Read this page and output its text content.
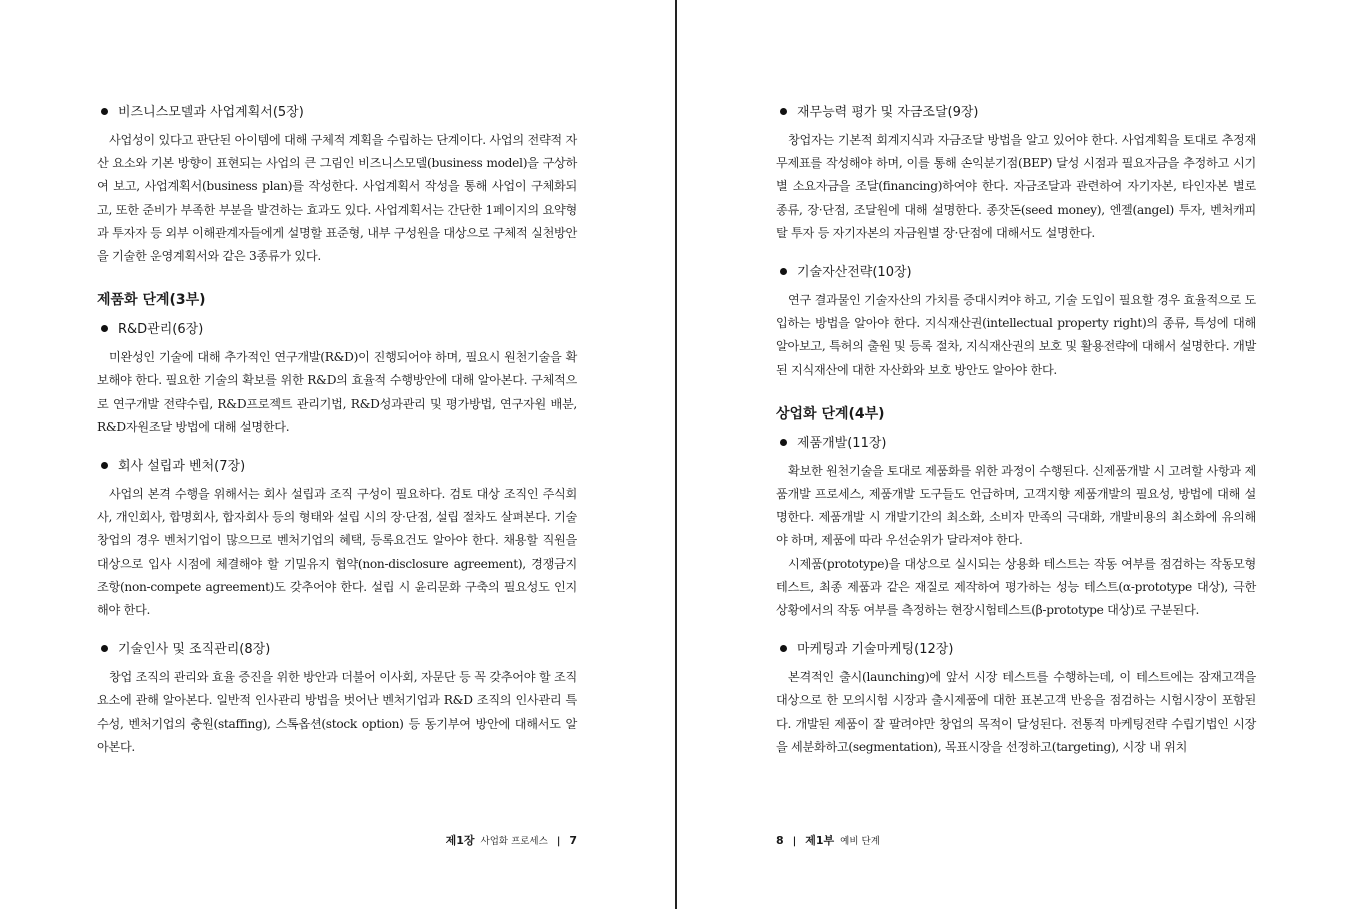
비즈니스모델과 사업계획서(5장)

사업성이 있다고 판단된 아이템에 대해 구체적 계획을 수립하는 단계이다. 사업의 전략적 자산 요소와 기본 방향이 표현되는 사업의 큰 그림인 비즈니스모델(business model)을 구상하여 보고, 사업계획서(business plan)를 작성한다. 사업계획서 작성을 통해 사업이 구체화되고, 또한 준비가 부족한 부분을 발견하는 효과도 있다. 사업계획서는 간단한 1페이지의 요약형과 투자자 등 외부 이해관계자들에게 설명할 표준형, 내부 구성원을 대상으로 구체적 실천방안을 기술한 운영계획서와 같은 3종류가 있다.

제품화 단계(3부)
R&D관리(6장)

미완성인 기술에 대해 추가적인 연구개발(R&D)이 진행되어야 하며, 필요시 원천기술을 확보해야 한다. 필요한 기술의 확보를 위한 R&D의 효율적 수행방안에 대해 알아본다. 구체적으로 연구개발 전략수립, R&D프로젝트 관리기법, R&D성과관리 및 평가방법, 연구자원 배분, R&D자원조달 방법에 대해 설명한다.

회사 설립과 벤처(7장)

사업의 본격 수행을 위해서는 회사 설립과 조직 구성이 필요하다. 검토 대상 조직인 주식회사, 개인회사, 합명회사, 합자회사 등의 형태와 설립 시의 장·단점, 설립 절차도 살펴본다. 기술창업의 경우 벤처기업이 많으므로 벤처기업의 혜택, 등록요건도 알아야 한다. 채용할 직원을 대상으로 입사 시점에 체결해야 할 기밀유지 협약(non-disclosure agreement), 경쟁금지 조항(non-compete agreement)도 갖추어야 한다. 설립 시 윤리문화 구축의 필요성도 인지해야 한다.

기술인사 및 조직관리(8장)

창업 조직의 관리와 효율 증진을 위한 방안과 더불어 이사회, 자문단 등 꼭 갖추어야 할 조직 요소에 관해 알아본다. 일반적 인사관리 방법을 벗어난 벤처기업과 R&D 조직의 인사관리 특수성, 벤처기업의 충원(staffing), 스톡옵션(stock option) 등 동기부여 방안에 대해서도 알아본다.

제1장 사업화 프로세스 | 7
재무능력 평가 및 자금조달(9장)

창업자는 기본적 회계지식과 자금조달 방법을 알고 있어야 한다. 사업계획을 토대로 추정재무제표를 작성해야 하며, 이를 통해 손익분기점(BEP) 달성 시점과 필요자금을 추정하고 시기별 소요자금을 조달(financing)하여야 한다. 자금조달과 관련하여 자기자본, 타인자본 별로 종류, 장·단점, 조달원에 대해 설명한다. 종잣돈(seed money), 엔젤(angel) 투자, 벤처캐피탈 투자 등 자기자본의 자금원별 장·단점에 대해서도 설명한다.

기술자산전략(10장)

연구 결과물인 기술자산의 가치를 증대시켜야 하고, 기술 도입이 필요할 경우 효율적으로 도입하는 방법을 알아야 한다. 지식재산권(intellectual property right)의 종류, 특성에 대해 알아보고, 특허의 출원 및 등록 절차, 지식재산권의 보호 및 활용전략에 대해서 설명한다. 개발된 지식재산에 대한 자산화와 보호 방안도 알아야 한다.

상업화 단계(4부)
제품개발(11장)

확보한 원천기술을 토대로 제품화를 위한 과정이 수행된다. 신제품개발 시 고려할 사항과 제품개발 프로세스, 제품개발 도구들도 언급하며, 고객지향 제품개발의 필요성, 방법에 대해 설명한다. 제품개발 시 개발기간의 최소화, 소비자 만족의 극대화, 개발비용의 최소화에 유의해야 하며, 제품에 따라 우선순위가 달라져야 한다.

시제품(prototype)을 대상으로 실시되는 상용화 테스트는 작동 여부를 점검하는 작동모형테스트, 최종 제품과 같은 재질로 제작하여 평가하는 성능 테스트(α-prototype 대상), 극한 상황에서의 작동 여부를 측정하는 현장시험테스트(β-prototype 대상)로 구분된다.

마케팅과 기술마케팅(12장)

본격적인 출시(launching)에 앞서 시장 테스트를 수행하는데, 이 테스트에는 잠재고객을 대상으로 한 모의시험 시장과 출시제품에 대한 표본고객 반응을 점검하는 시험시장이 포함된다. 개발된 제품이 잘 팔려야만 창업의 목적이 달성된다. 전통적 마케팅전략 수립기법인 시장을 세분화하고(segmentation), 목표시장을 선정하고(targeting), 시장 내 위치

8 | 제1부 예비 단계
